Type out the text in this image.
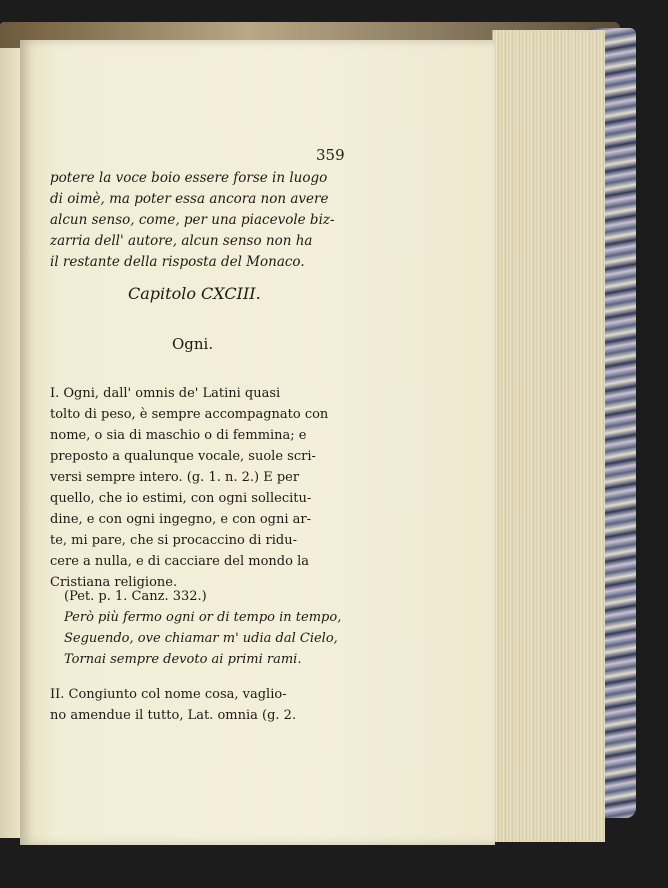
359
potere la voce boio essere forse in luogo
di oimè, ma poter essa ancora non avere
alcun senso, come, per una piacevole biz-
zarria dell' autore, alcun senso non ha
il restante della risposta del Monaco.
Capitolo CXCIII.
Ogni.
I. Ogni, dall' omnis de' Latini quasi
tolto di peso, è sempre accompagnato con
nome, o sia di maschio o di femmina; e
preposto a qualunque vocale, suole scri-
versi sempre intero. (g. 1. n. 2.) E per
quello, che io estimi, con ogni sollecitu-
dine, e con ogni ingegno, e con ogni ar-
te, mi pare, che si procaccino di ridu-
cere a nulla, e di cacciare del mondo la
Cristiana religione.
(Pet. p. 1. Canz. 332.)
Però più fermo ogni or di tempo in tempo,
Seguendo, ove chiamar m' udia dal Cielo,
Tornai sempre devoto ai primi rami.
II. Congiunto col nome cosa, vaglio-
no amendue il tutto, Lat. omnia (g. 2.
